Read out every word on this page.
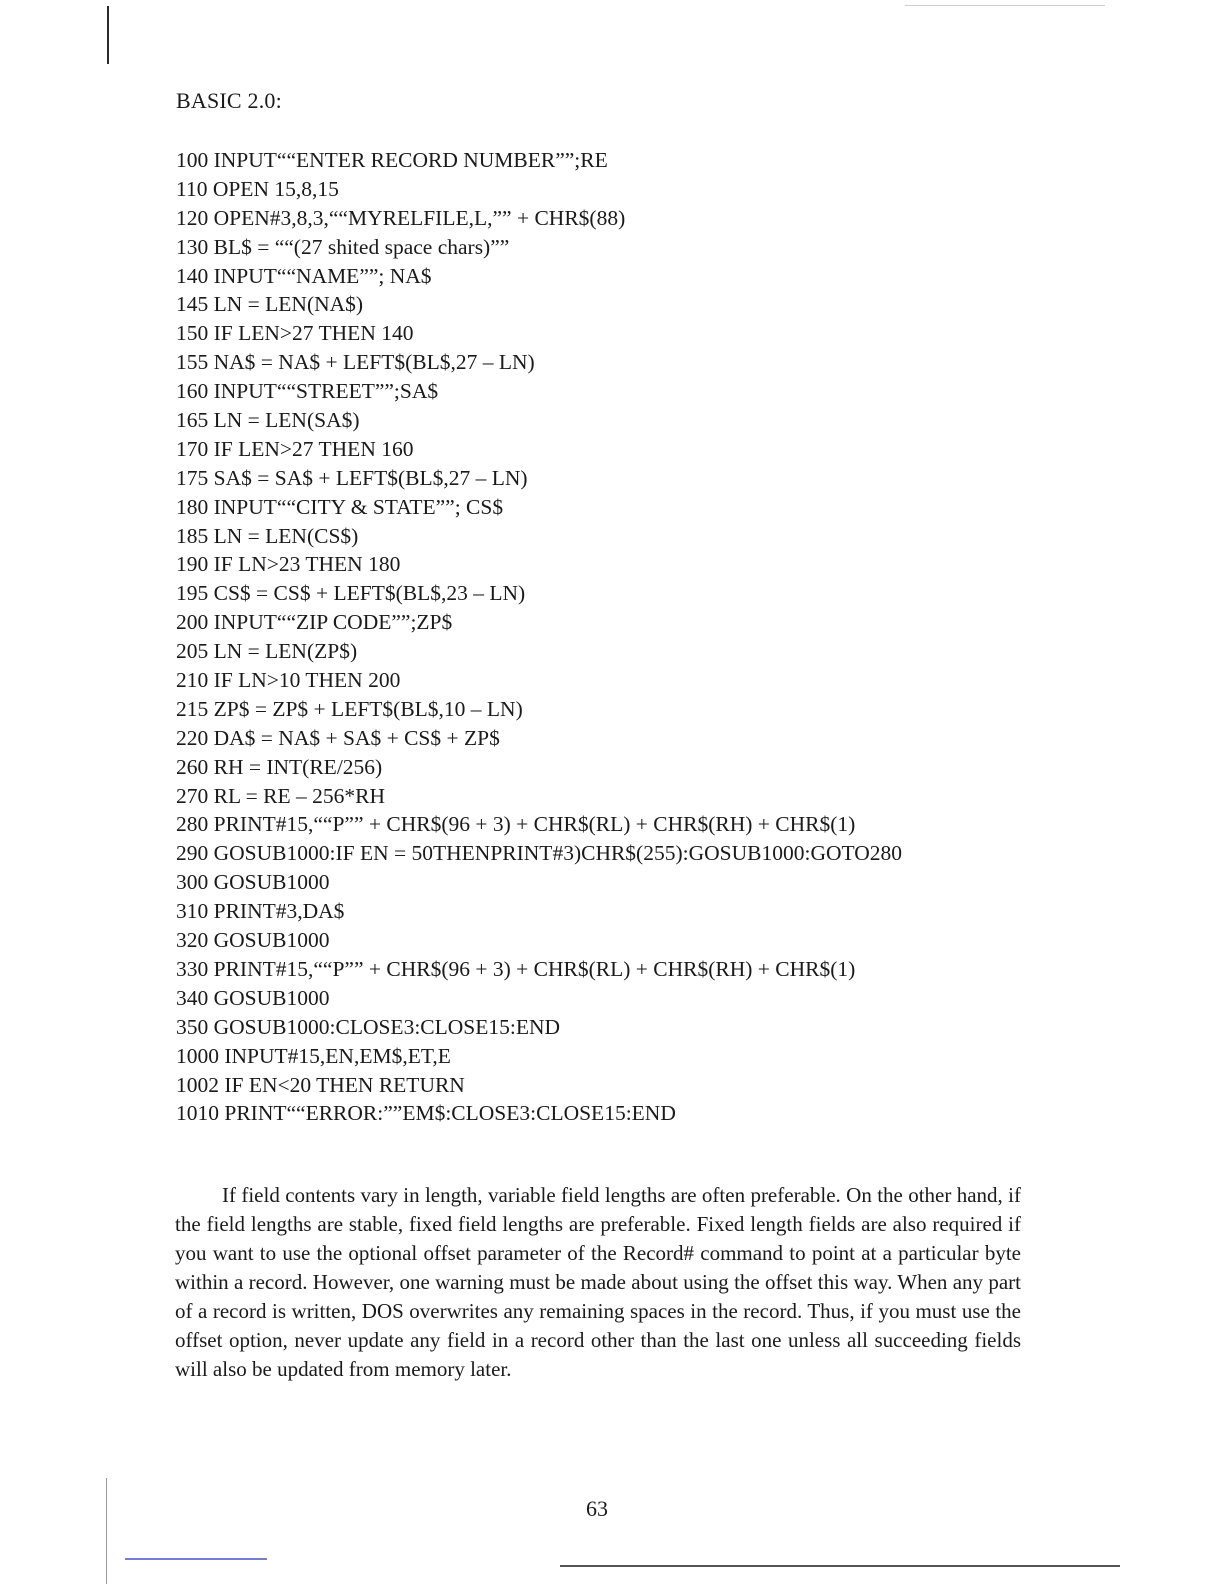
BASIC 2.0:
100 INPUT““ENTER RECORD NUMBER””;RE
110 OPEN 15,8,15
120 OPEN#3,8,3,““MYRELFILE,L,”” + CHR$(88)
130 BL$ = ““(27 shited space chars)””
140 INPUT““NAME””; NA$
145 LN = LEN(NA$)
150 IF LEN>27 THEN 140
155 NA$ = NA$ + LEFT$(BL$,27 – LN)
160 INPUT““STREET””;SA$
165 LN = LEN(SA$)
170 IF LEN>27 THEN 160
175 SA$ = SA$ + LEFT$(BL$,27 – LN)
180 INPUT““CITY & STATE””; CS$
185 LN = LEN(CS$)
190 IF LN>23 THEN 180
195 CS$ = CS$ + LEFT$(BL$,23 – LN)
200 INPUT““ZIP CODE””;ZP$
205 LN = LEN(ZP$)
210 IF LN>10 THEN 200
215 ZP$ = ZP$ + LEFT$(BL$,10 – LN)
220 DA$ = NA$ + SA$ + CS$ + ZP$
260 RH = INT(RE/256)
270 RL = RE – 256*RH
280 PRINT#15,““P”” + CHR$(96 + 3) + CHR$(RL) + CHR$(RH) + CHR$(1)
290 GOSUB1000:IF EN = 50THENPRINT#3)CHR$(255):GOSUB1000:GOTO280
300 GOSUB1000
310 PRINT#3,DA$
320 GOSUB1000
330 PRINT#15,““P”” + CHR$(96 + 3) + CHR$(RL) + CHR$(RH) + CHR$(1)
340 GOSUB1000
350 GOSUB1000:CLOSE3:CLOSE15:END
1000 INPUT#15,EN,EM$,ET,E
1002 IF EN<20 THEN RETURN
1010 PRINT““ERROR:””EM$:CLOSE3:CLOSE15:END

If field contents vary in length, variable field lengths are often preferable. On the other hand, if the field lengths are stable, fixed field lengths are preferable. Fixed length fields are also required if you want to use the optional offset parameter of the Record# command to point at a particular byte within a record. However, one warning must be made about using the offset this way. When any part of a record is written, DOS overwrites any remaining spaces in the record. Thus, if you must use the offset option, never update any field in a record other than the last one unless all succeeding fields will also be updated from memory later.

63
